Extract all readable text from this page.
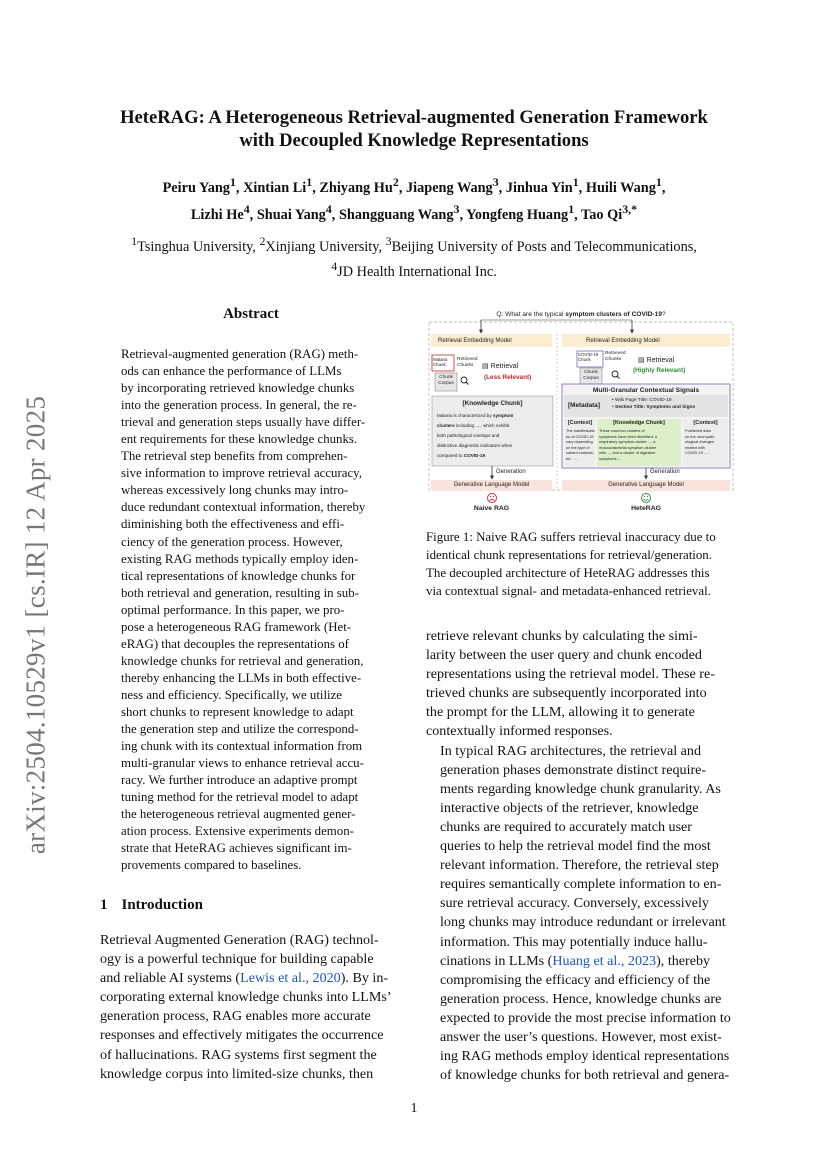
HeteRAG: A Heterogeneous Retrieval-augmented Generation Framework
with Decoupled Knowledge Representations
Peiru Yang$^1$, Xintian Li$^1$, Zhiyang Hu$^2$, Jiapeng Wang$^3$, Jinhua Yin$^1$, Huili Wang$^1$,
Lizhi He$^4$, Shuai Yang$^4$, Shangguang Wang$^3$, Yongfeng Huang$^1$, Tao $Qi^{3,*}$
$^1$Tsinghua University, $^2$Xinjiang University, $^3$Beijing University of Posts and Telecommunications,
$^4$JD Health International Inc.
arXiv:2504.10529v1 [cs.IR] 12 Apr 2025
Abstract
Retrieval-augmented generation (RAG) meth-
ods can enhance the performance of LLMs
by incorporating retrieved knowledge chunks
into the generation process. In general, the re-
trieval and generation steps usually have differ-
ent requirements for these knowledge chunks.
The retrieval step benefits from comprehen-
sive information to improve retrieval accuracy,
whereas excessively long chunks may intro-
duce redundant contextual information, thereby
diminishing both the effectiveness and effi-
ciency of the generation process. However,
existing RAG methods typically employ iden-
tical representations of knowledge chunks for
both retrieval and generation, resulting in sub-
optimal performance. In this paper, we pro-
pose a heterogeneous RAG framework (Het-
eRAG) that decouples the representations of
knowledge chunks for retrieval and generation,
thereby enhancing the LLMs in both effective-
ness and efficiency. Specifically, we utilize
short chunks to represent knowledge to adapt
the generation step and utilize the correspond-
ing chunk with its contextual information from
multi-granular views to enhance retrieval accu-
racy. We further introduce an adaptive prompt
tuning method for the retrieval model to adapt
the heterogeneous retrieval augmented gener-
ation process. Extensive experiments demon-
strate that HeteRAG achieves significant im-
provements compared to baselines.
1 Introduction
Retrieval Augmented Generation (RAG) technol-
ogy is a powerful technique for building capable
and reliable AI systems (Lewis et al., 2020). By in-
corporating external knowledge chunks into LLMs’
generation process, RAG enables more accurate
responses and effectively mitigates the occurrence
of hallucinations. RAG systems first segment the
knowledge corpus into limited-size chunks, then
Q: What are the typical symptom clusters of COVID-19?
Retrieval Embedding Model	Retrieval Embedding Model
Malaria Chunk
Retrieved Chunks
Chunk Corpus
▤ Retrieval
(Less Relevant)
COVID-19 Chunk
Retrieved Chunks
Chunk Corpus
▤ Retrieval
(Highly Relevant)
[Knowledge Chunk]
Malaria is characterized by symptom
clusters including ...., which exhibit
both pathological overlaps and
distinctive diagnostic indicators when
compared to COVID-19.
Multi-Granular Contextual Signals
[Metadata]
• Wiki Page Title: COVID-19
• Section Title: Symptoms and Signs
[Context]	[Knowledge Chunk]	[Context]
The manifestatio
ns of COVID-19
vary depending
on the type of
variant contract-
ed ......
These common clusters of
symptoms have been identified: a
respiratory symptom cluster ..., a
musculoskeletal symptom cluster
with ..., and a cluster of digestive
symptoms ...
Published data
on the neuropath
ological changes
related with
COVID-19 ......
Generation	Generation
Generative Language Model	Generative Language Model
Naive RAG	HeteRAG
Figure 1: Naive RAG suffers retrieval inaccuracy due to
identical chunk representations for retrieval/generation.
The decoupled architecture of HeteRAG addresses this
via contextual signal- and metadata-enhanced retrieval.

retrieve relevant chunks by calculating the simi-
larity between the user query and chunk encoded
representations using the retrieval model. These re-
trieved chunks are subsequently incorporated into
the prompt for the LLM, allowing it to generate
contextually informed responses.

In typical RAG architectures, the retrieval and
generation phases demonstrate distinct require-
ments regarding knowledge chunk granularity. As
interactive objects of the retriever, knowledge
chunks are required to accurately match user
queries to help the retrieval model find the most
relevant information. Therefore, the retrieval step
requires semantically complete information to en-
sure retrieval accuracy. Conversely, excessively
long chunks may introduce redundant or irrelevant
information. This may potentially induce hallu-
cinations in LLMs (Huang et al., 2023), thereby
compromising the efficacy and efficiency of the
generation process. Hence, knowledge chunks are
expected to provide the most precise information to
answer the user’s questions. However, most exist-
ing RAG methods employ identical representations
of knowledge chunks for both retrieval and genera-

1
